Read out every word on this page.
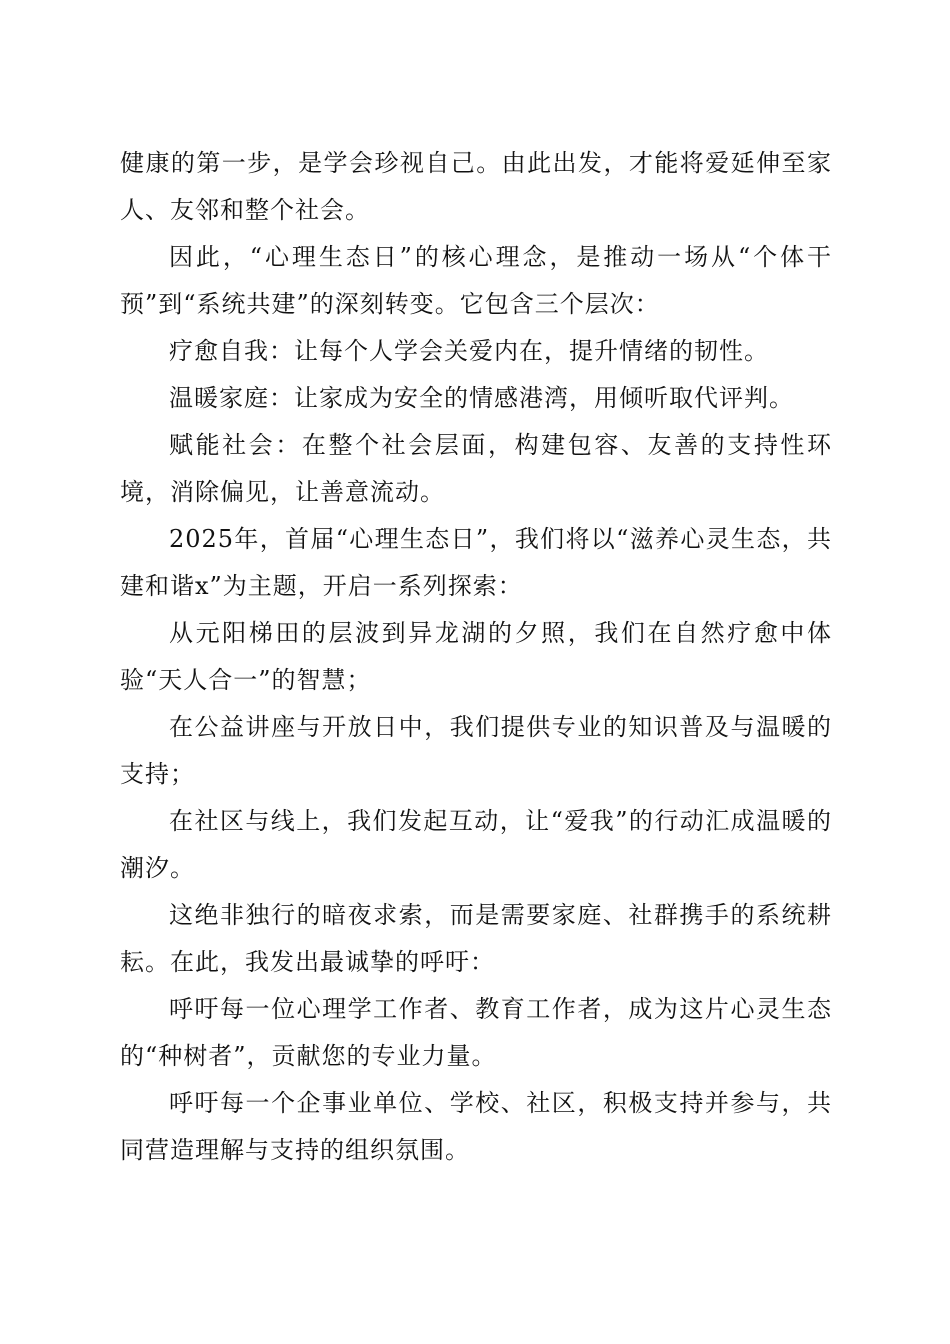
健康的第一步，是学会珍视自己。由此出发，才能将爱延伸至家人、友邻和整个社会。

因此，“心理生态日”的核心理念，是推动一场从“个体干预”到“系统共建”的深刻转变。它包含三个层次：

疗愈自我：让每个人学会关爱内在，提升情绪的韧性。

温暖家庭：让家成为安全的情感港湾，用倾听取代评判。

赋能社会：在整个社会层面，构建包容、友善的支持性环境，消除偏见，让善意流动。

2025年，首届“心理生态日”，我们将以“滋养心灵生态，共建和谐x”为主题，开启一系列探索：

从元阳梯田的层波到异龙湖的夕照，我们在自然疗愈中体验“天人合一”的智慧；

在公益讲座与开放日中，我们提供专业的知识普及与温暖的支持；

在社区与线上，我们发起互动，让“爱我”的行动汇成温暖的潮汐。

这绝非独行的暗夜求索，而是需要家庭、社群携手的系统耕耘。在此，我发出最诚挚的呼吁：

呼吁每一位心理学工作者、教育工作者，成为这片心灵生态的“种树者”，贡献您的专业力量。

呼吁每一个企事业单位、学校、社区，积极支持并参与，共同营造理解与支持的组织氛围。
